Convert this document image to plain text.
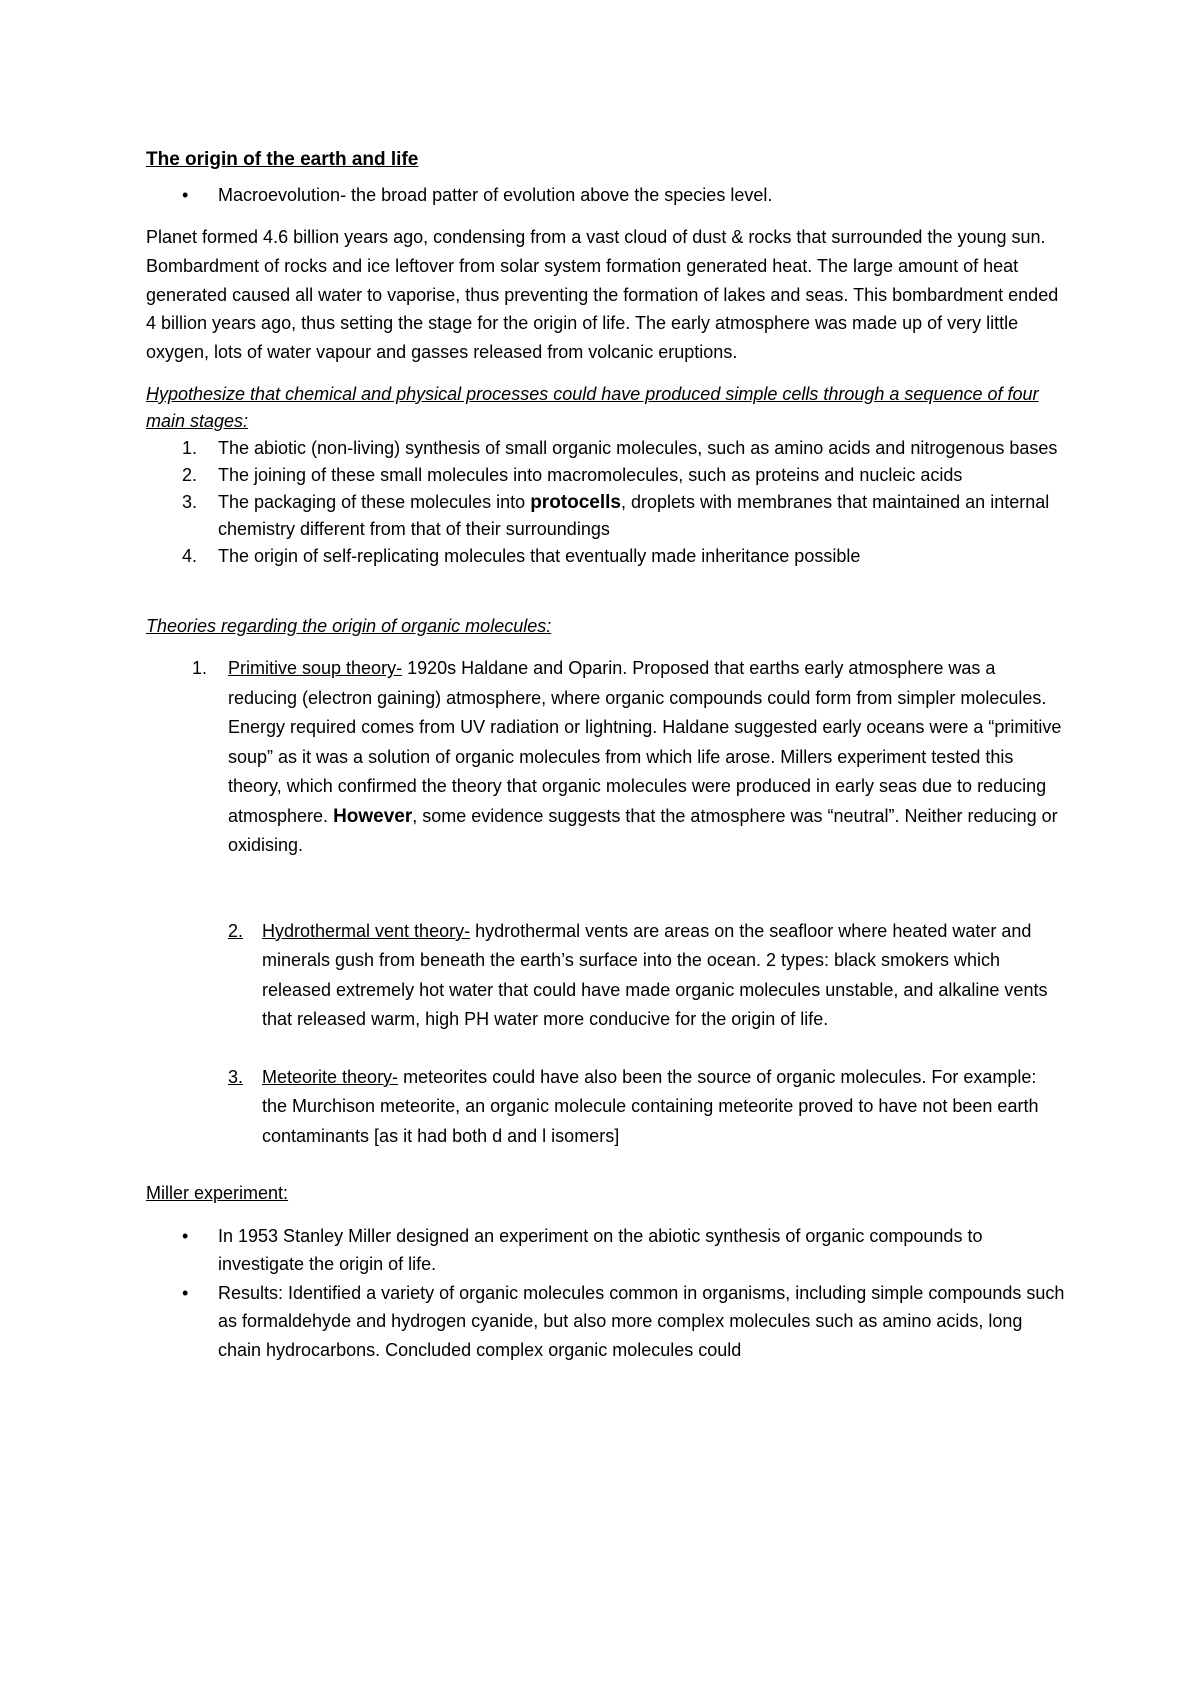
The origin of the earth and life
• Macroevolution- the broad patter of evolution above the species level.

Planet formed 4.6 billion years ago, condensing from a vast cloud of dust & rocks that surrounded the young sun. Bombardment of rocks and ice leftover from solar system formation generated heat. The large amount of heat generated caused all water to vaporise, thus preventing the formation of lakes and seas. This bombardment ended 4 billion years ago, thus setting the stage for the origin of life. The early atmosphere was made up of very little oxygen, lots of water vapour and gasses released from volcanic eruptions.

Hypothesize that chemical and physical processes could have produced simple cells through a sequence of four main stages:

1. The abiotic (non-living) synthesis of small organic molecules, such as amino acids and nitrogenous bases
2. The joining of these small molecules into macromolecules, such as proteins and nucleic acids
3. The packaging of these molecules into protocells, droplets with membranes that maintained an internal chemistry different from that of their surroundings
4. The origin of self-replicating molecules that eventually made inheritance possible

Theories regarding the origin of organic molecules:

1. Primitive soup theory- 1920s Haldane and Oparin. Proposed that earths early atmosphere was a reducing (electron gaining) atmosphere, where organic compounds could form from simpler molecules. Energy required comes from UV radiation or lightning. Haldane suggested early oceans were a “primitive soup” as it was a solution of organic molecules from which life arose. Millers experiment tested this theory, which confirmed the theory that organic molecules were produced in early seas due to reducing atmosphere. However, some evidence suggests that the atmosphere was “neutral”. Neither reducing or oxidising.
2.	Hydrothermal vent theory- hydrothermal vents are areas on the seafloor where heated water and minerals gush from beneath the earth’s surface into the ocean. 2 types: black smokers which released extremely hot water that could have made organic molecules unstable, and alkaline vents that released warm, high PH water more conducive for the origin of life.
3.	Meteorite theory- meteorites could have also been the source of organic molecules. For example: the Murchison meteorite, an organic molecule containing meteorite proved to have not been earth contaminants [as it had both d and l isomers]

Miller experiment:

• In 1953 Stanley Miller designed an experiment on the abiotic synthesis of organic compounds to investigate the origin of life.
• Results: Identified a variety of organic molecules common in organisms, including simple compounds such as formaldehyde and hydrogen cyanide, but also more complex molecules such as amino acids, long chain hydrocarbons. Concluded complex organic molecules could
